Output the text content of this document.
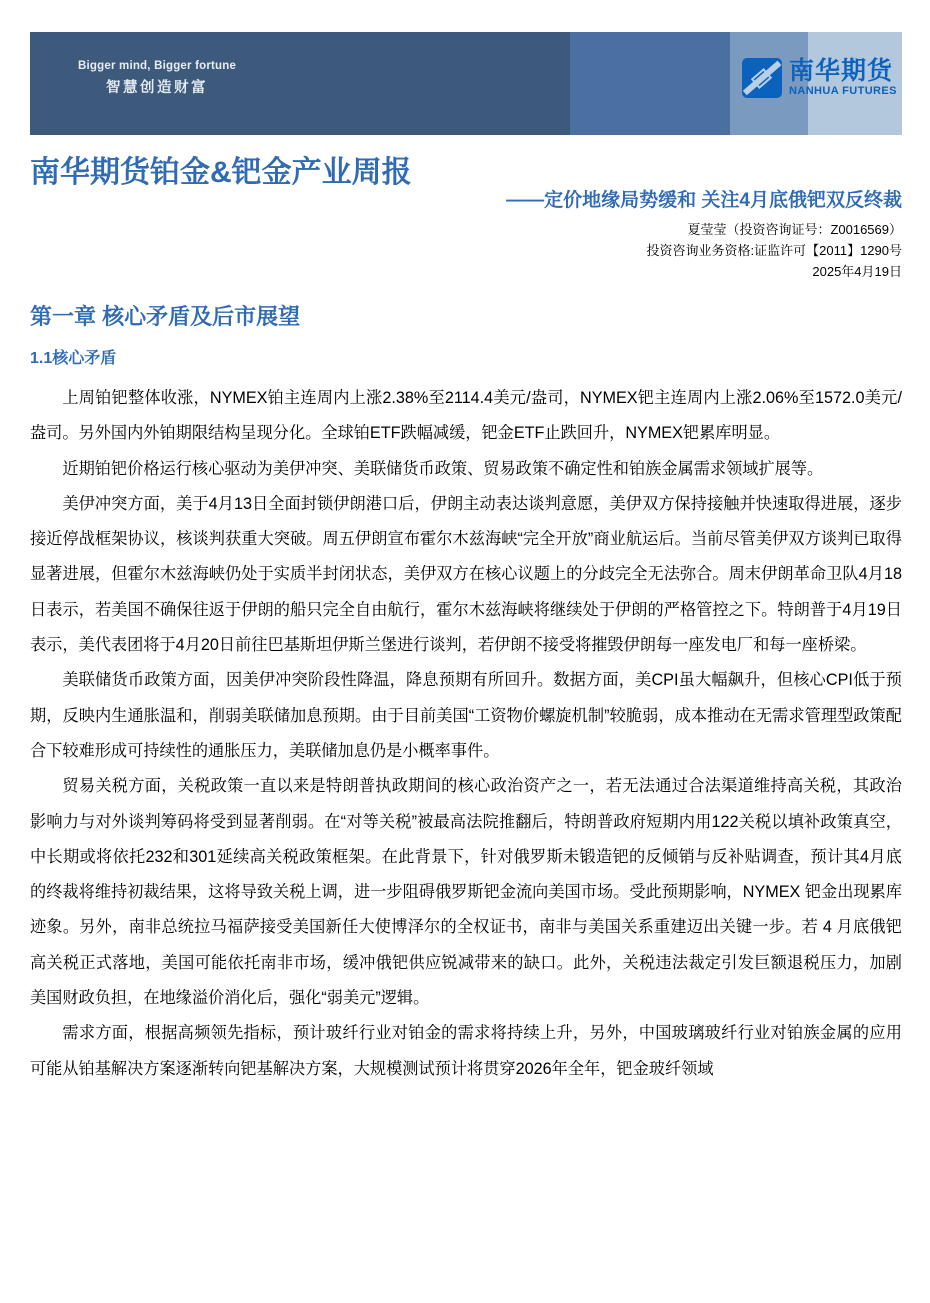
Bigger mind, Bigger fortune
智慧创造财富
南华期货
NANHUA FUTURES
南华期货铂金&钯金产业周报
——定价地缘局势缓和 关注4月底俄钯双反终裁
夏莹莹（投资咨询证号：Z0016569）
投资咨询业务资格:证监许可【2011】1290号
2025年4月19日
第一章 核心矛盾及后市展望
1.1核心矛盾

上周铂钯整体收涨，NYMEX铂主连周内上涨2.38%至2114.4美元/盎司，NYMEX钯主连周内上涨2.06%至1572.0美元/盎司。另外国内外铂期限结构呈现分化。全球铂ETF跌幅减缓，钯金ETF止跌回升，NYMEX钯累库明显。

近期铂钯价格运行核心驱动为美伊冲突、美联储货币政策、贸易政策不确定性和铂族金属需求领域扩展等。

美伊冲突方面，美于4月13日全面封锁伊朗港口后，伊朗主动表达谈判意愿，美伊双方保持接触并快速取得进展，逐步接近停战框架协议，核谈判获重大突破。周五伊朗宣布霍尔木兹海峡“完全开放”商业航运后。当前尽管美伊双方谈判已取得显著进展，但霍尔木兹海峡仍处于实质半封闭状态，美伊双方在核心议题上的分歧完全无法弥合。周末伊朗革命卫队4月18日表示，若美国不确保往返于伊朗的船只完全自由航行，霍尔木兹海峡将继续处于伊朗的严格管控之下。特朗普于4月19日表示，美代表团将于4月20日前往巴基斯坦伊斯兰堡进行谈判，若伊朗不接受将摧毁伊朗每一座发电厂和每一座桥梁。

美联储货币政策方面，因美伊冲突阶段性降温，降息预期有所回升。数据方面，美CPI虽大幅飙升，但核心CPI低于预期，反映内生通胀温和，削弱美联储加息预期。由于目前美国“工资物价螺旋机制”较脆弱，成本推动在无需求管理型政策配合下较难形成可持续性的通胀压力，美联储加息仍是小概率事件。

贸易关税方面，关税政策一直以来是特朗普执政期间的核心政治资产之一，若无法通过合法渠道维持高关税，其政治影响力与对外谈判筹码将受到显著削弱。在“对等关税”被最高法院推翻后，特朗普政府短期内用122关税以填补政策真空，中长期或将依托232和301延续高关税政策框架。在此背景下，针对俄罗斯未锻造钯的反倾销与反补贴调查，预计其4月底的终裁将维持初裁结果，这将导致关税上调，进一步阻碍俄罗斯钯金流向美国市场。受此预期影响，NYMEX 钯金出现累库迹象。另外，南非总统拉马福萨接受美国新任大使博泽尔的全权证书，南非与美国关系重建迈出关键一步。若 4 月底俄钯高关税正式落地，美国可能依托南非市场，缓冲俄钯供应锐减带来的缺口。此外，关税违法裁定引发巨额退税压力，加剧美国财政负担，在地缘溢价消化后，强化“弱美元”逻辑。

需求方面，根据高频领先指标，预计玻纤行业对铂金的需求将持续上升，另外，中国玻璃玻纤行业对铂族金属的应用可能从铂基解决方案逐渐转向钯基解决方案，大规模测试预计将贯穿2026年全年，钯金玻纤领域
